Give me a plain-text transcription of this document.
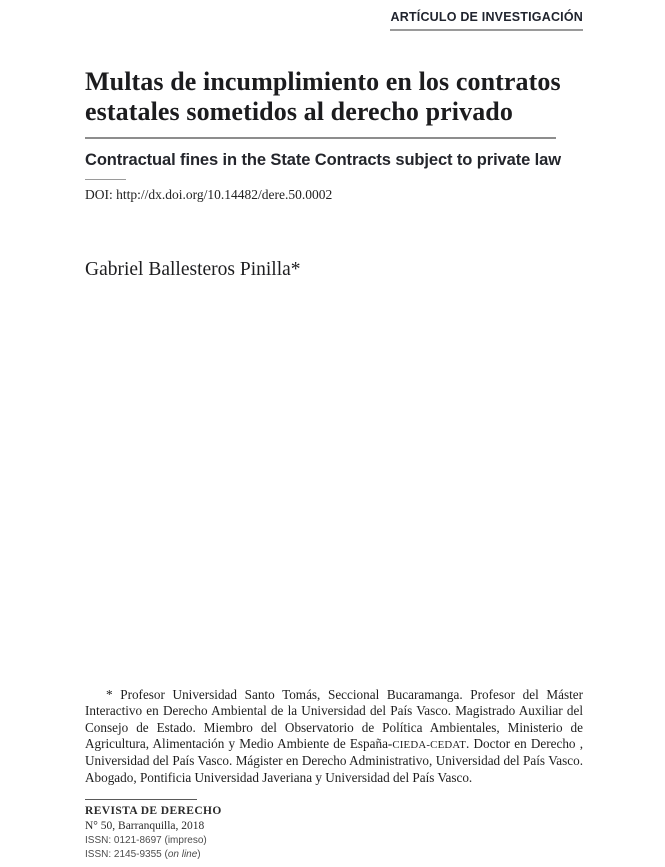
ARTÍCULO DE INVESTIGACIÓN
Multas de incumplimiento en los contratos estatales sometidos al derecho privado
Contractual fines in the State Contracts subject to private law
DOI: http://dx.doi.org/10.14482/dere.50.0002
Gabriel Ballesteros Pinilla*

* Profesor Universidad Santo Tomás, Seccional Bucaramanga. Profesor del Máster Interactivo en Derecho Ambiental de la Universidad del País Vasco. Magistrado Auxiliar del Consejo de Estado. Miembro del Observatorio de Política Ambientales, Ministerio de Agricultura, Alimentación y Medio Ambiente de España-CIEDA-CEDAT. Doctor en Derecho , Universidad del País Vasco. Mágister en Derecho Administrativo, Universidad del País Vasco. Abogado, Pontificia Universidad Javeriana y Universidad del País Vasco.

REVISTA DE DERECHO
N° 50, Barranquilla, 2018
ISSN: 0121-8697 (impreso)
ISSN: 2145-9355 (on line)
